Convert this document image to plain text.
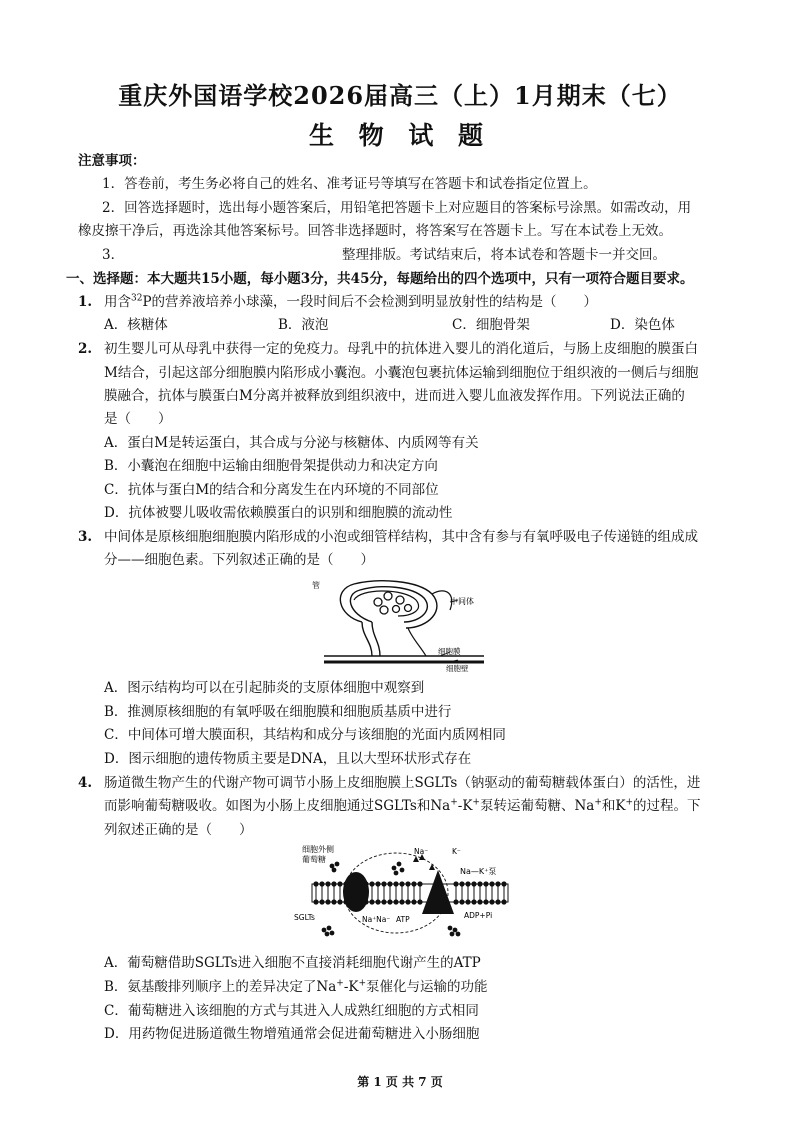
重庆外国语学校2026届高三（上）1月期末（七）
生 物 试 题
注意事项：
1．答卷前，考生务必将自己的姓名、准考证号等填写在答题卡和试卷指定位置上。
2．回答选择题时，选出每小题答案后，用铅笔把答题卡上对应题目的答案标号涂黑。如需改动，用
橡皮擦干净后，再选涂其他答案标号。回答非选择题时，将答案写在答题卡上。写在本试卷上无效。
3．	整理排版。考试结束后，将本试卷和答题卡一并交回。
一、选择题：本大题共15小题，每小题3分，共45分，每题给出的四个选项中，只有一项符合题目要求。
1. 用含$^{32}$P的营养液培养小球藻，一段时间后不会检测到明显放射性的结构是（　　）
A．核糖体	B．液泡	C．细胞骨架	D．染色体
2. 初生婴儿可从母乳中获得一定的免疫力。母乳中的抗体进入婴儿的消化道后，与肠上皮细胞的膜蛋白
M结合，引起这部分细胞膜内陷形成小囊泡。小囊泡包裹抗体运输到细胞位于组织液的一侧后与细胞
膜融合，抗体与膜蛋白M分离并被释放到组织液中，进而进入婴儿血液发挥作用。下列说法正确的
是（　　）
A．蛋白M是转运蛋白，其合成与分泌与核糖体、内质网等有关
B．小囊泡在细胞中运输由细胞骨架提供动力和决定方向
C．抗体与蛋白M的结合和分离发生在内环境的不同部位
D．抗体被婴儿吸收需依赖膜蛋白的识别和细胞膜的流动性
3. 中间体是原核细胞细胞膜内陷形成的小泡或细管样结构，其中含有参与有氧呼吸电子传递链的组成成
分——细胞色素。下列叙述正确的是（　　）
管
中间体
细胞膜
细胞壁
A．图示结构均可以在引起肺炎的支原体细胞中观察到
B．推测原核细胞的有氧呼吸在细胞膜和细胞质基质中进行
C．中间体可增大膜面积，其结构和成分与该细胞的光面内质网相同
D．图示细胞的遗传物质主要是DNA，且以大型环状形式存在
4. 肠道微生物产生的代谢产物可调节小肠上皮细胞膜上SGLTs（钠驱动的葡萄糖载体蛋白）的活性，进
而影响葡萄糖吸收。如图为小肠上皮细胞通过SGLTs和Na+-K+泵转运葡萄糖、Na+和K+的过程。下
列叙述正确的是（　　）
细胞外侧
葡萄糖
Na⁻	K⁻
Na—K⁺泵
SGLTs	Na⁺Na⁻ ATP	ADP+Pi
A．葡萄糖借助SGLTs进入细胞不直接消耗细胞代谢产生的ATP
B．氨基酸排列顺序上的差异决定了Na+-K+泵催化与运输的功能
C．葡萄糖进入该细胞的方式与其进入人成熟红细胞的方式相同
D．用药物促进肠道微生物增殖通常会促进葡萄糖进入小肠细胞
第 1 页 共 7 页
